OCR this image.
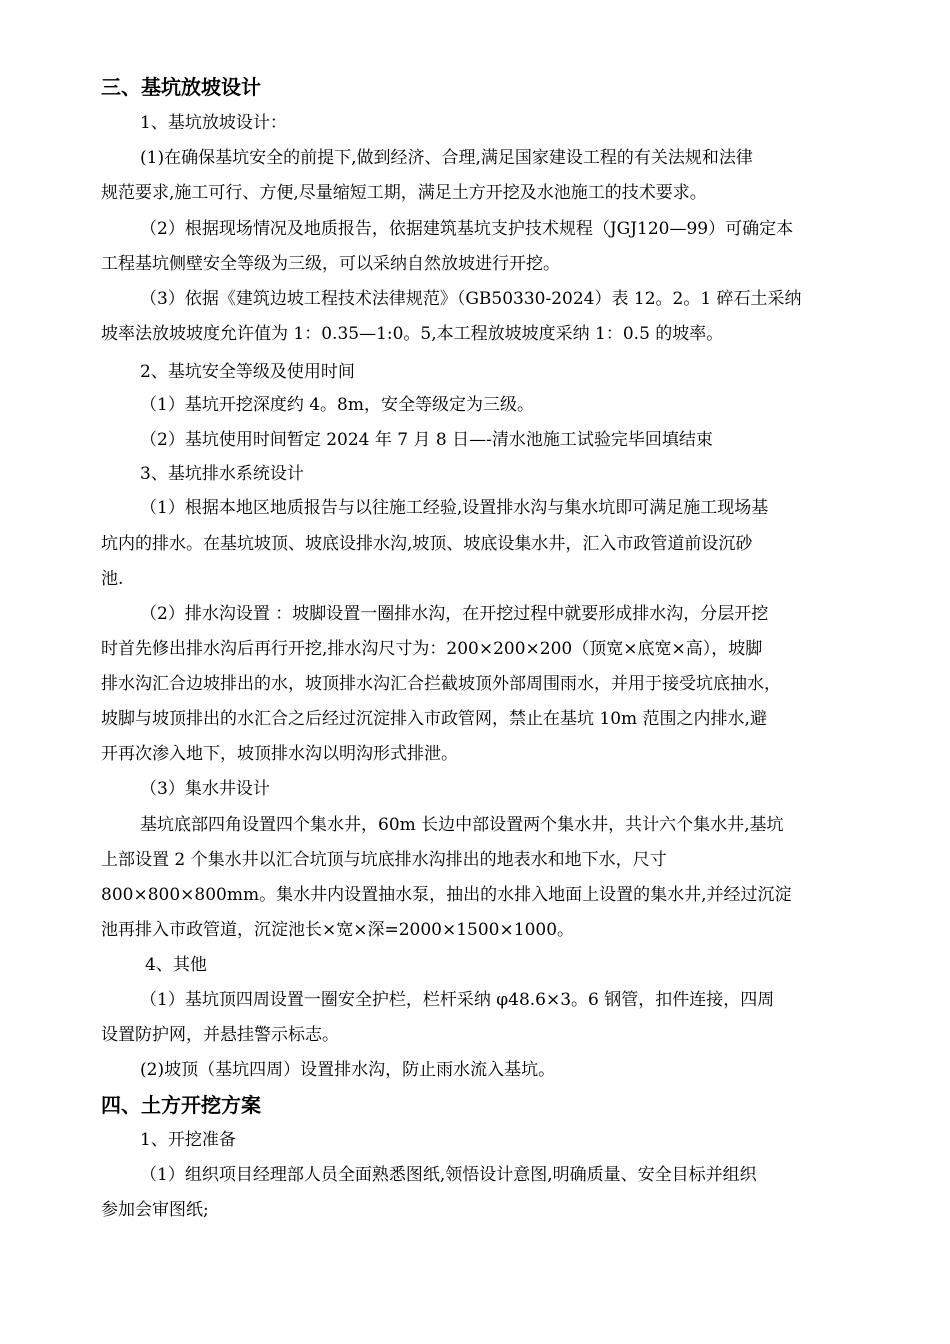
三、基坑放坡设计
1、基坑放坡设计：
(1)在确保基坑安全的前提下,做到经济、合理,满足国家建设工程的有关法规和法律
规范要求,施工可行、方便,尽量缩短工期，满足土方开挖及水池施工的技术要求。
（2）根据现场情况及地质报告，依据建筑基坑支护技术规程（JGJ120—99）可确定本
工程基坑侧壁安全等级为三级，可以采纳自然放坡进行开挖。
（3）依据《建筑边坡工程技术法律规范》（GB50330-2024）表 12。2。1 碎石土采纳
坡率法放坡坡度允许值为 1：0.35—1:0。5,本工程放坡坡度采纳 1：0.5 的坡率。
2、基坑安全等级及使用时间
（1）基坑开挖深度约 4。8m，安全等级定为三级。
（2）基坑使用时间暂定 2024 年 7 月 8 日—-清水池施工试验完毕回填结束
3、基坑排水系统设计
（1）根据本地区地质报告与以往施工经验,设置排水沟与集水坑即可满足施工现场基
坑内的排水。在基坑坡顶、坡底设排水沟,坡顶、坡底设集水井，汇入市政管道前设沉砂
池.
（2）排水沟设置 ：坡脚设置一圈排水沟，在开挖过程中就要形成排水沟，分层开挖
时首先修出排水沟后再行开挖,排水沟尺寸为：200×200×200（顶宽×底宽×高），坡脚
排水沟汇合边坡排出的水，坡顶排水沟汇合拦截坡顶外部周围雨水，并用于接受坑底抽水，
坡脚与坡顶排出的水汇合之后经过沉淀排入市政管网，禁止在基坑 10m 范围之内排水,避
开再次渗入地下，坡顶排水沟以明沟形式排泄。
（3）集水井设计
基坑底部四角设置四个集水井，60m 长边中部设置两个集水井，共计六个集水井,基坑
上部设置 2 个集水井以汇合坑顶与坑底排水沟排出的地表水和地下水，尺寸
800×800×800mm。集水井内设置抽水泵，抽出的水排入地面上设置的集水井,并经过沉淀
池再排入市政管道，沉淀池长×宽×深=2000×1500×1000。
4、其他
（1）基坑顶四周设置一圈安全护栏，栏杆采纳 φ48.6×3。6 钢管，扣件连接，四周
设置防护网，并悬挂警示标志。
(2)坡顶（基坑四周）设置排水沟，防止雨水流入基坑。
四、土方开挖方案
1、开挖准备
（1）组织项目经理部人员全面熟悉图纸,领悟设计意图,明确质量、安全目标并组织
参加会审图纸;
